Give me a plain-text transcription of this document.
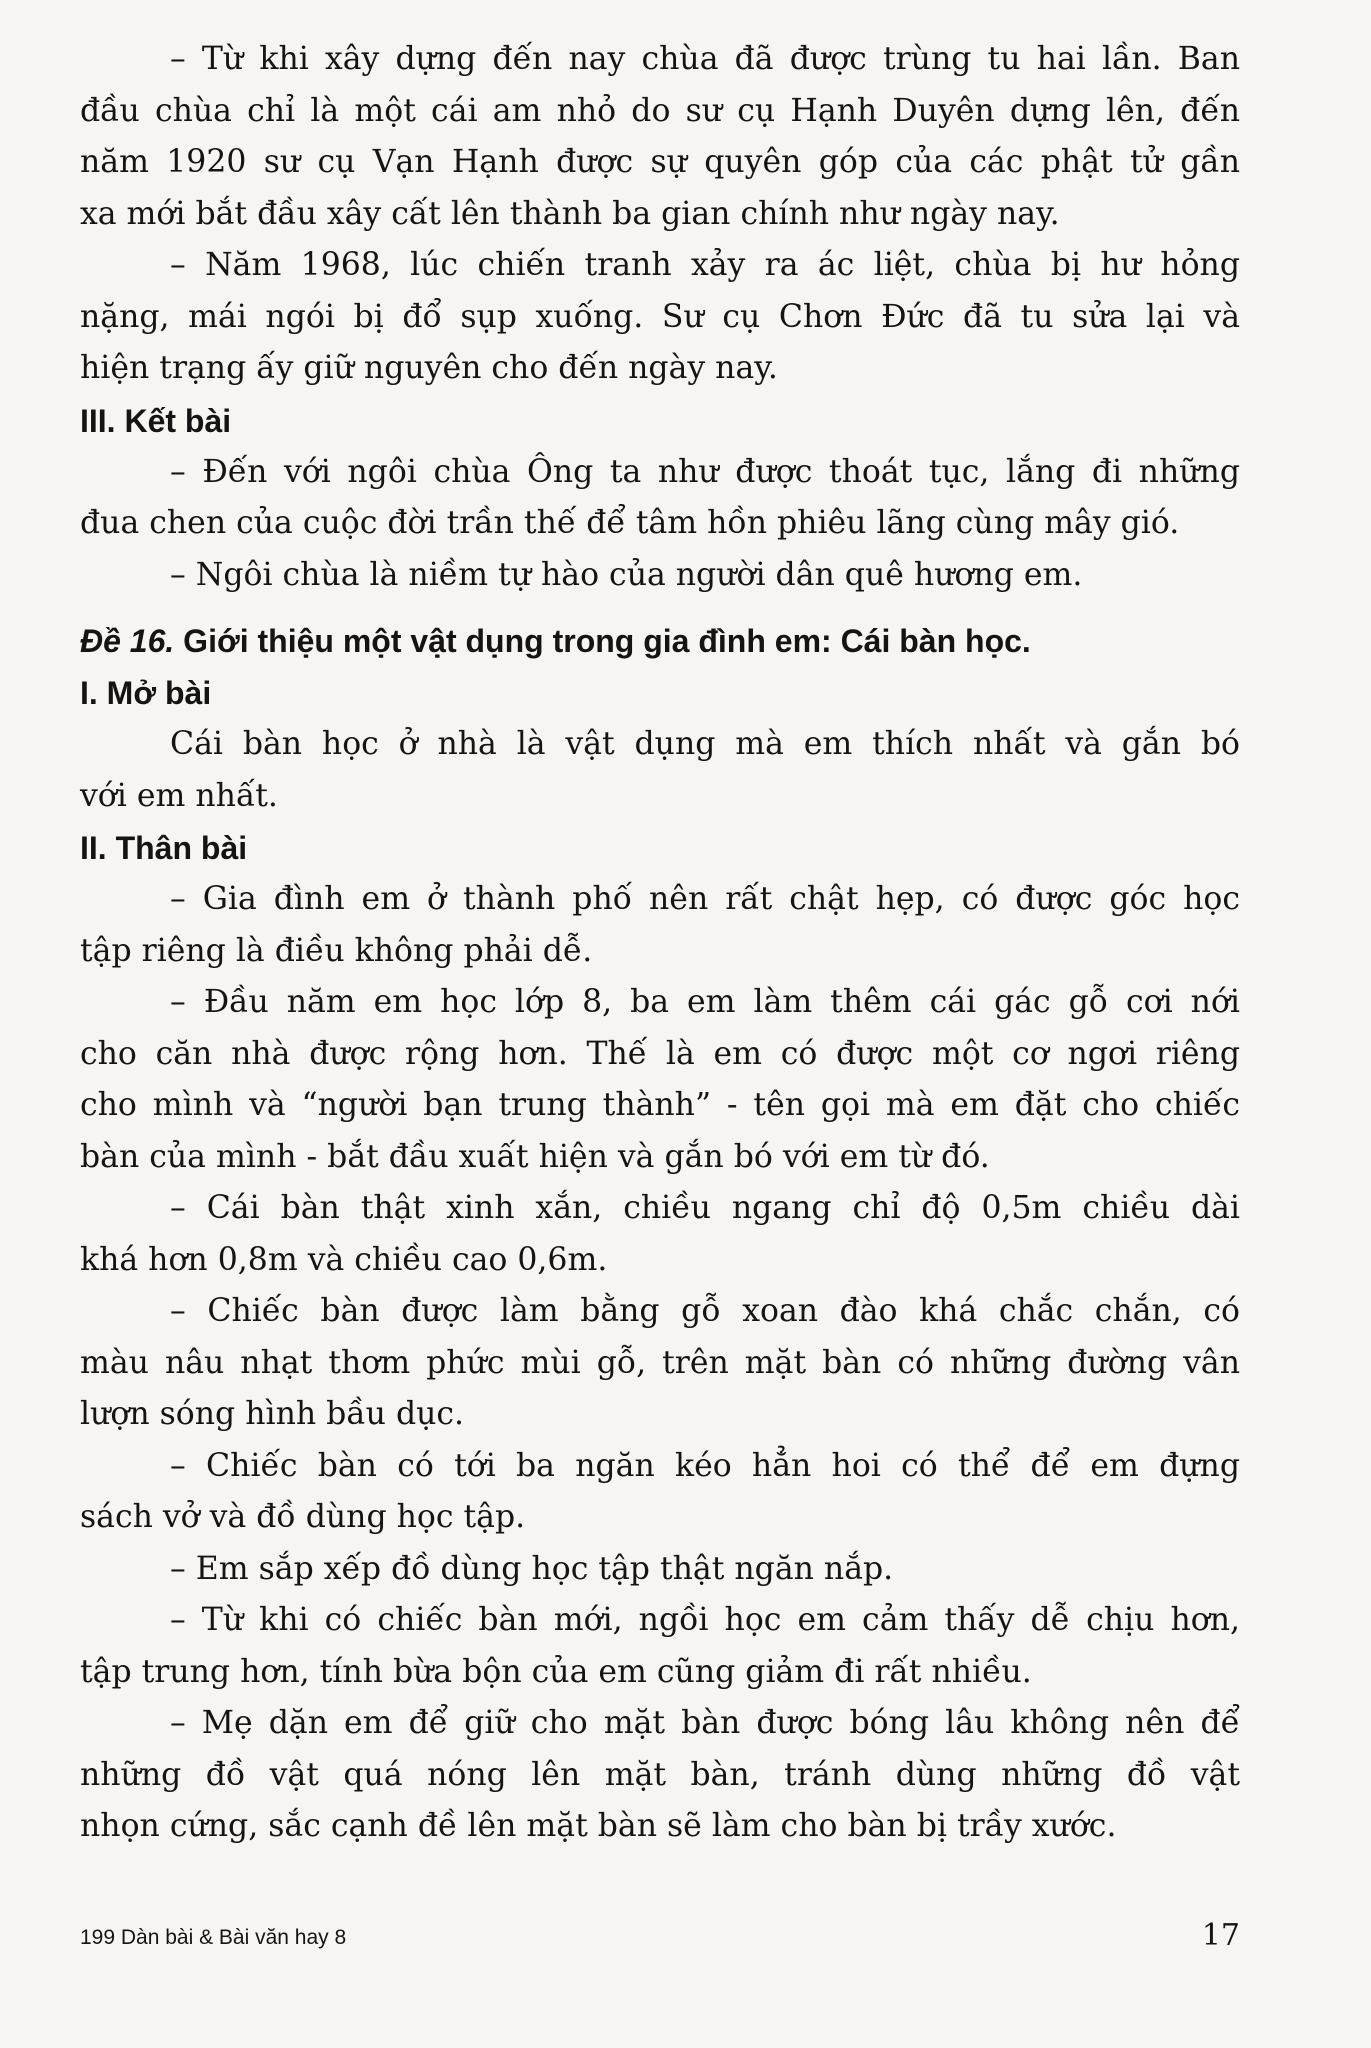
– Từ khi xây dựng đến nay chùa đã được trùng tu hai lần. Ban

đầu chùa chỉ là một cái am nhỏ do sư cụ Hạnh Duyên dựng lên, đến

năm 1920 sư cụ Vạn Hạnh được sự quyên góp của các phật tử gần

xa mới bắt đầu xây cất lên thành ba gian chính như ngày nay.

– Năm 1968, lúc chiến tranh xảy ra ác liệt, chùa bị hư hỏng

nặng, mái ngói bị đổ sụp xuống. Sư cụ Chơn Đức đã tu sửa lại và

hiện trạng ấy giữ nguyên cho đến ngày nay.

III. Kết bài

– Đến với ngôi chùa Ông ta như được thoát tục, lắng đi những

đua chen của cuộc đời trần thế để tâm hồn phiêu lãng cùng mây gió.

– Ngôi chùa là niềm tự hào của người dân quê hương em.

Đề 16. Giới thiệu một vật dụng trong gia đình em: Cái bàn học.
I. Mở bài

Cái bàn học ở nhà là vật dụng mà em thích nhất và gắn bó

với em nhất.

II. Thân bài

– Gia đình em ở thành phố nên rất chật hẹp, có được góc học

tập riêng là điều không phải dễ.

– Đầu năm em học lớp 8, ba em làm thêm cái gác gỗ cơi nới

cho căn nhà được rộng hơn. Thế là em có được một cơ ngơi riêng

cho mình và “người bạn trung thành” - tên gọi mà em đặt cho chiếc

bàn của mình - bắt đầu xuất hiện và gắn bó với em từ đó.

– Cái bàn thật xinh xắn, chiều ngang chỉ độ 0,5m chiều dài

khá hơn 0,8m và chiều cao 0,6m.

– Chiếc bàn được làm bằng gỗ xoan đào khá chắc chắn, có

màu nâu nhạt thơm phức mùi gỗ, trên mặt bàn có những đường vân

lượn sóng hình bầu dục.

– Chiếc bàn có tới ba ngăn kéo hẳn hoi có thể để em đựng

sách vở và đồ dùng học tập.

– Em sắp xếp đồ dùng học tập thật ngăn nắp.

– Từ khi có chiếc bàn mới, ngồi học em cảm thấy dễ chịu hơn,

tập trung hơn, tính bừa bộn của em cũng giảm đi rất nhiều.

– Mẹ dặn em để giữ cho mặt bàn được bóng lâu không nên để

những đồ vật quá nóng lên mặt bàn, tránh dùng những đồ vật

nhọn cứng, sắc cạnh đề lên mặt bàn sẽ làm cho bàn bị trầy xước.

199 Dàn bài & Bài văn hay 8	17
